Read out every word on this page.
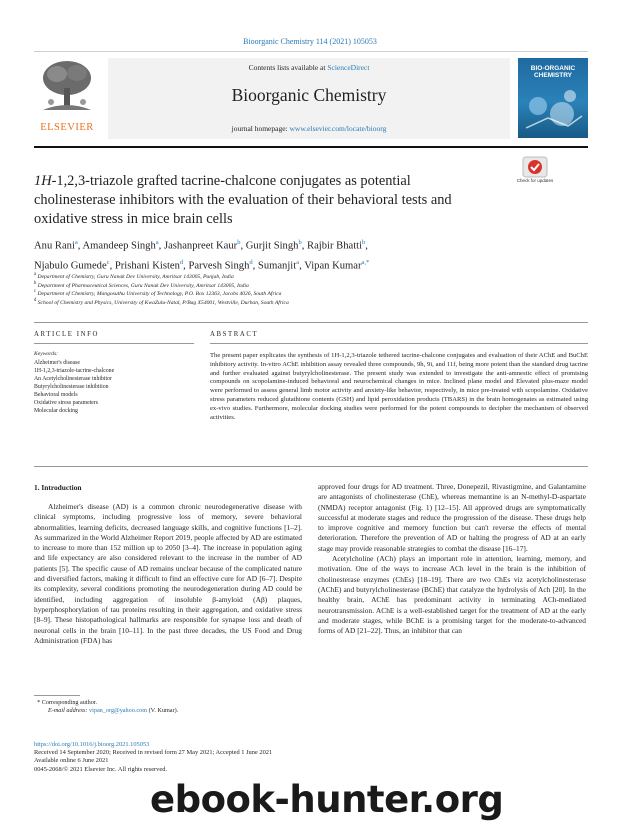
Bioorganic Chemistry 114 (2021) 105053
ELSEVIER
Contents lists available at ScienceDirect
Bioorganic Chemistry
journal homepage: www.elsevier.com/locate/bioorg
BIO-ORGANIC CHEMISTRY
1H-1,2,3-triazole grafted tacrine-chalcone conjugates as potential
cholinesterase inhibitors with the evaluation of their behavioral tests and
oxidative stress in mice brain cells
Check for updates
Anu Rani$^a$, Amandeep Singh$^a$, Jashanpreet Kaur$^b$, Gurjit Singh$^b$, Rajbir Bhatti$^b$,
Njabulo Gumede$^c$, Prishani Kisten$^d$, Parvesh Singh$^d$, Sumanjit$^a$, Vipan Kumar$^{a,*}$
$^a$ Department of Chemistry, Guru Nanak Dev University, Amritsar 143005, Punjab, India
$^b$ Department of Pharmaceutical Sciences, Guru Nanak Dev University, Amritsar 143005, India
$^c$ Department of Chemistry, Mangosuthu University of Technology, P.O. Box 12363, Jacobs 4026, South Africa
$^d$ School of Chemistry and Physics, University of KwaZulu-Natal, P/Bag X54001, Westville, Durban, South Africa
ARTICLE INFO
Keywords:
Alzheimer's disease
1H-1,2,3-triazole-tacrine-chalcone
An Acetylcholinesterase inhibitor
Butyrylcholinesterase inhibition
Behavioral models
Oxidative stress parameters
Molecular docking
ABSTRACT
The present paper explicates the synthesis of 1H-1,2,3-triazole tethered tacrine-chalcone conjugates and evaluation of their AChE and BuChE inhibitory activity. In-vitro AChE inhibition assay revealed three compounds, 9h, 9i, and 11f, being more potent than the standard drug tacrine and further evaluated against butyrylcholinesterase. The present study was extended to investigate the anti-amnestic effect of promising compounds on scopolamine-induced behavioral and neurochemical changes in mice. Inclined plane model and Elevated plus-maze model were performed to assess general limb motor activity and anxiety-like behavior, respectively, in mice pre-treated with scopolamine. Oxidative stress parameters reduced glutathione contents (GSH) and lipid peroxidation products (TBARS) in the brain homogenates as estimated using ex-vivo studies. Furthermore, molecular docking studies were performed for the potent compounds to decipher the mechanism of observed activities.
1. Introduction

Alzheimer's disease (AD) is a common chronic neurodegenerative disease with clinical symptoms, including progressive loss of memory, severe behavioral abnormalities, learning deficits, decreased language skills, and cognitive functions [1–2]. As summarized in the World Alzheimer Report 2019, people affected by AD are estimated to increase to more than 152 million up to 2050 [3–4]. The increase in population aging and life expectancy are also considered relevant to the increase in the number of AD patients [5]. The specific cause of AD remains unclear because of the complicated nature and diversified factors, making it difficult to find an effective cure for AD [6–7]. Despite its complexity, several conditions promoting the neurodegeneration during AD could be identified, including aggregation of insoluble β-amyloid (Aβ) plaques, hyperphosphorylation of tau proteins resulting in their aggregation, and oxidative stress [8–9]. These histopathological hallmarks are responsible for synapse loss and death of neuronal cells in the brain [10–11]. In the past three decades, the US Food and Drug Administration (FDA) has

approved four drugs for AD treatment. Three, Donepezil, Rivastigmine, and Galantamine are antagonists of cholinesterase (ChE), whereas memantine is an N-methyl-D-aspartate (NMDA) receptor antagonist (Fig. 1) [12–15]. All approved drugs are symptomatically successful at moderate stages and reduce the progression of the disease. These drugs help to improve cognitive and memory function but can't reverse the effects of mental deterioration. Therefore the prevention of AD or halting the progress of AD at an early stage may provide reasonable strategies to combat the disease [16–17].

Acetylcholine (ACh) plays an important role in attention, learning, memory, and motivation. One of the ways to increase ACh level in the brain is the inhibition of cholinesterase enzymes (ChEs) [18–19]. There are two ChEs viz acetylcholinesterase (AChE) and butyrylcholinesterase (BChE) that catalyze the hydrolysis of Ach [20]. In the healthy brain, AChE has predominant activity in terminating ACh-mediated neurotransmission. AChE is a well-established target for the treatment of AD at the early and moderate stages, while BChE is a promising target for the moderate-to-advanced forms of AD [21–22]. Thus, an inhibitor that can

* Corresponding author.
E-mail address: vipan_org@yahoo.com (V. Kumar).
https://doi.org/10.1016/j.bioorg.2021.105053
Received 14 September 2020; Received in revised form 27 May 2021; Accepted 1 June 2021
Available online 6 June 2021
0045-2068/© 2021 Elsevier Inc. All rights reserved.
ebook-hunter.org
